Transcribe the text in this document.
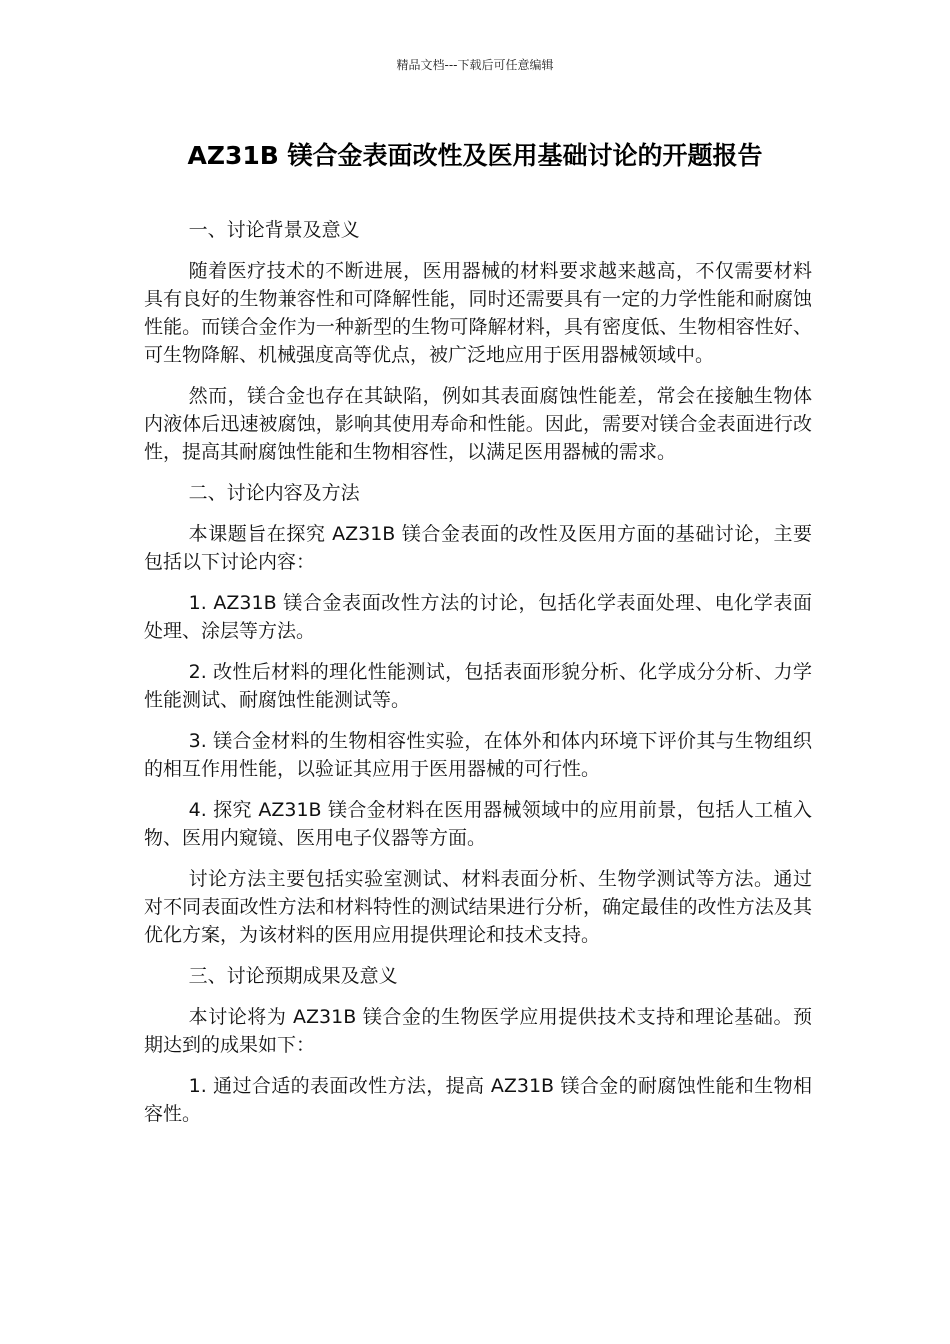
精品文档---下载后可任意编辑
AZ31B 镁合金表面改性及医用基础讨论的开题报告

一、讨论背景及意义

随着医疗技术的不断进展，医用器械的材料要求越来越高，不仅需要材料具有良好的生物兼容性和可降解性能，同时还需要具有一定的力学性能和耐腐蚀性能。而镁合金作为一种新型的生物可降解材料，具有密度低、生物相容性好、可生物降解、机械强度高等优点，被广泛地应用于医用器械领域中。

然而，镁合金也存在其缺陷，例如其表面腐蚀性能差，常会在接触生物体内液体后迅速被腐蚀，影响其使用寿命和性能。因此，需要对镁合金表面进行改性，提高其耐腐蚀性能和生物相容性，以满足医用器械的需求。

二、讨论内容及方法

本课题旨在探究 AZ31B 镁合金表面的改性及医用方面的基础讨论，主要包括以下讨论内容：

1. AZ31B 镁合金表面改性方法的讨论，包括化学表面处理、电化学表面处理、涂层等方法。

2. 改性后材料的理化性能测试，包括表面形貌分析、化学成分分析、力学性能测试、耐腐蚀性能测试等。

3. 镁合金材料的生物相容性实验，在体外和体内环境下评价其与生物组织的相互作用性能，以验证其应用于医用器械的可行性。

4. 探究 AZ31B 镁合金材料在医用器械领域中的应用前景，包括人工植入物、医用内窥镜、医用电子仪器等方面。

讨论方法主要包括实验室测试、材料表面分析、生物学测试等方法。通过对不同表面改性方法和材料特性的测试结果进行分析，确定最佳的改性方法及其优化方案，为该材料的医用应用提供理论和技术支持。

三、讨论预期成果及意义

本讨论将为 AZ31B 镁合金的生物医学应用提供技术支持和理论基础。预期达到的成果如下：

1. 通过合适的表面改性方法，提高 AZ31B 镁合金的耐腐蚀性能和生物相容性。
